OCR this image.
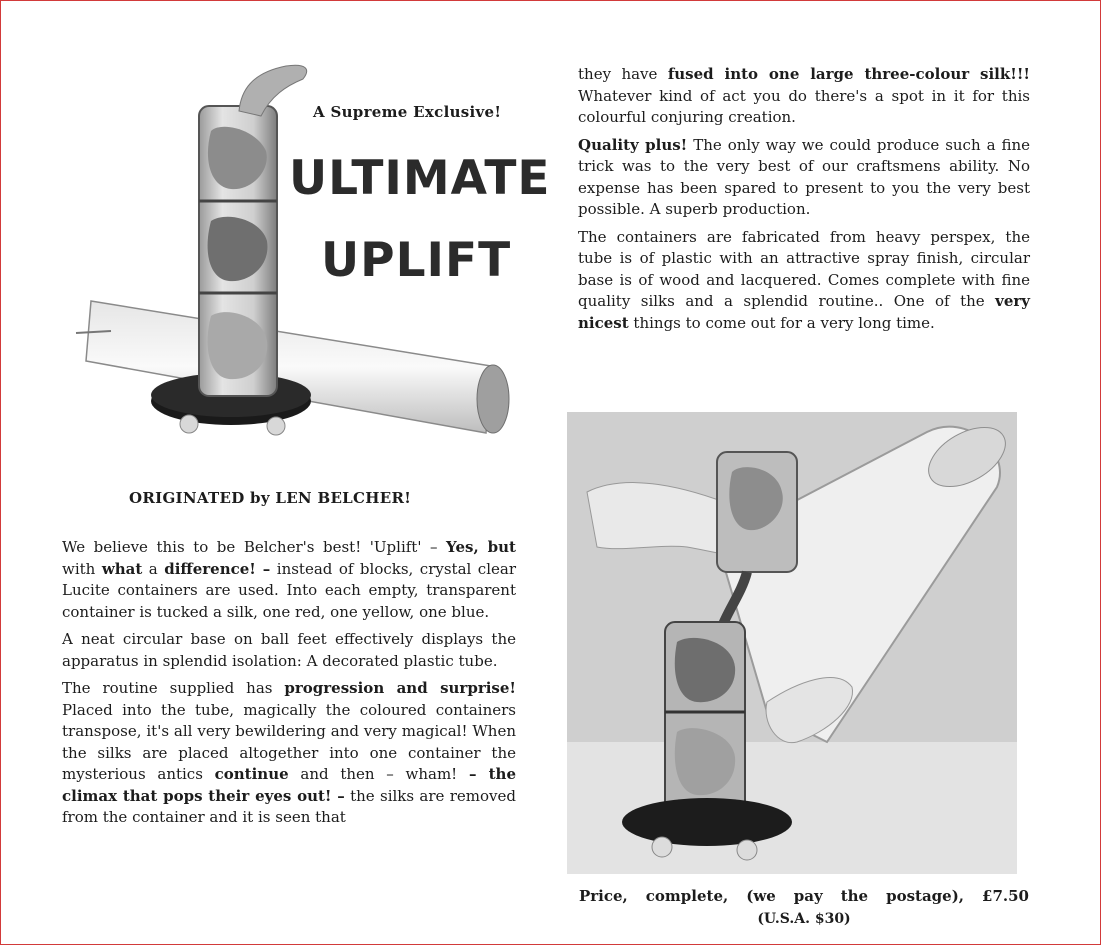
A Supreme Exclusive!
ULTIMATE
UPLIFT
ORIGINATED by LEN BELCHER!

We believe this to be Belcher's best! 'Uplift' – Yes, but with what a difference! – instead of blocks, crystal clear Lucite containers are used. Into each empty, transparent container is tucked a silk, one red, one yellow, one blue.

A neat circular base on ball feet effectively displays the apparatus in splendid isolation: A decorated plastic tube.

The routine supplied has progression and surprise! Placed into the tube, magically the coloured containers transpose, it's all very bewildering and very magical! When the silks are placed altogether into one container the mysterious antics continue and then – wham! – the climax that pops their eyes out! – the silks are removed from the container and it is seen that

they have fused into one large three-colour silk!!! Whatever kind of act you do there's a spot in it for this colourful conjuring creation.

Quality plus! The only way we could produce such a fine trick was to the very best of our craftsmens ability. No expense has been spared to present to you the very best possible. A superb production.

The containers are fabricated from heavy perspex, the tube is of plastic with an attractive spray finish, circular base is of wood and lacquered. Comes complete with fine quality silks and a splendid routine.. One of the very nicest things to come out for a very long time.

Price, complete, (we pay the postage), £7.50
(U.S.A. $30)
